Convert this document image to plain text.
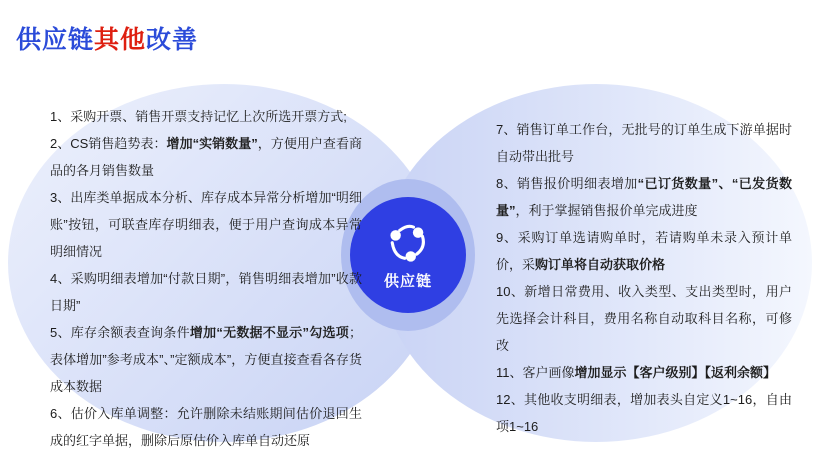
供应链其他改善
供应链

1、采购开票、销售开票支持记忆上次所选开票方式;

2、CS销售趋势表：增加“实销数量”，方便用户查看商品的各月销售数量

3、出库类单据成本分析、库存成本异常分析增加“明细账”按钮，可联查库存明细表，便于用户查询成本异常明细情况

4、采购明细表增加“付款日期”，销售明细表增加”收款日期”

5、库存余额表查询条件增加“无数据不显示”勾选项；表体增加”参考成本”、”定额成本”，方便直接查看各存货成本数据

6、估价入库单调整：允许删除未结账期间估价退回生成的红字单据，删除后原估价入库单自动还原

7、销售订单工作台，无批号的订单生成下游单据时自动带出批号

8、销售报价明细表增加“已订货数量”、“已发货数量”，利于掌握销售报价单完成进度

9、采购订单选请购单时，若请购单未录入预计单价，采购订单将自动获取价格

10、新增日常费用、收入类型、支出类型时，用户先选择会计科目，费用名称自动取科目名称，可修改

11、客户画像增加显示【客户级别】【返利余额】

12、其他收支明细表，增加表头自定义1~16，自由项1~16
